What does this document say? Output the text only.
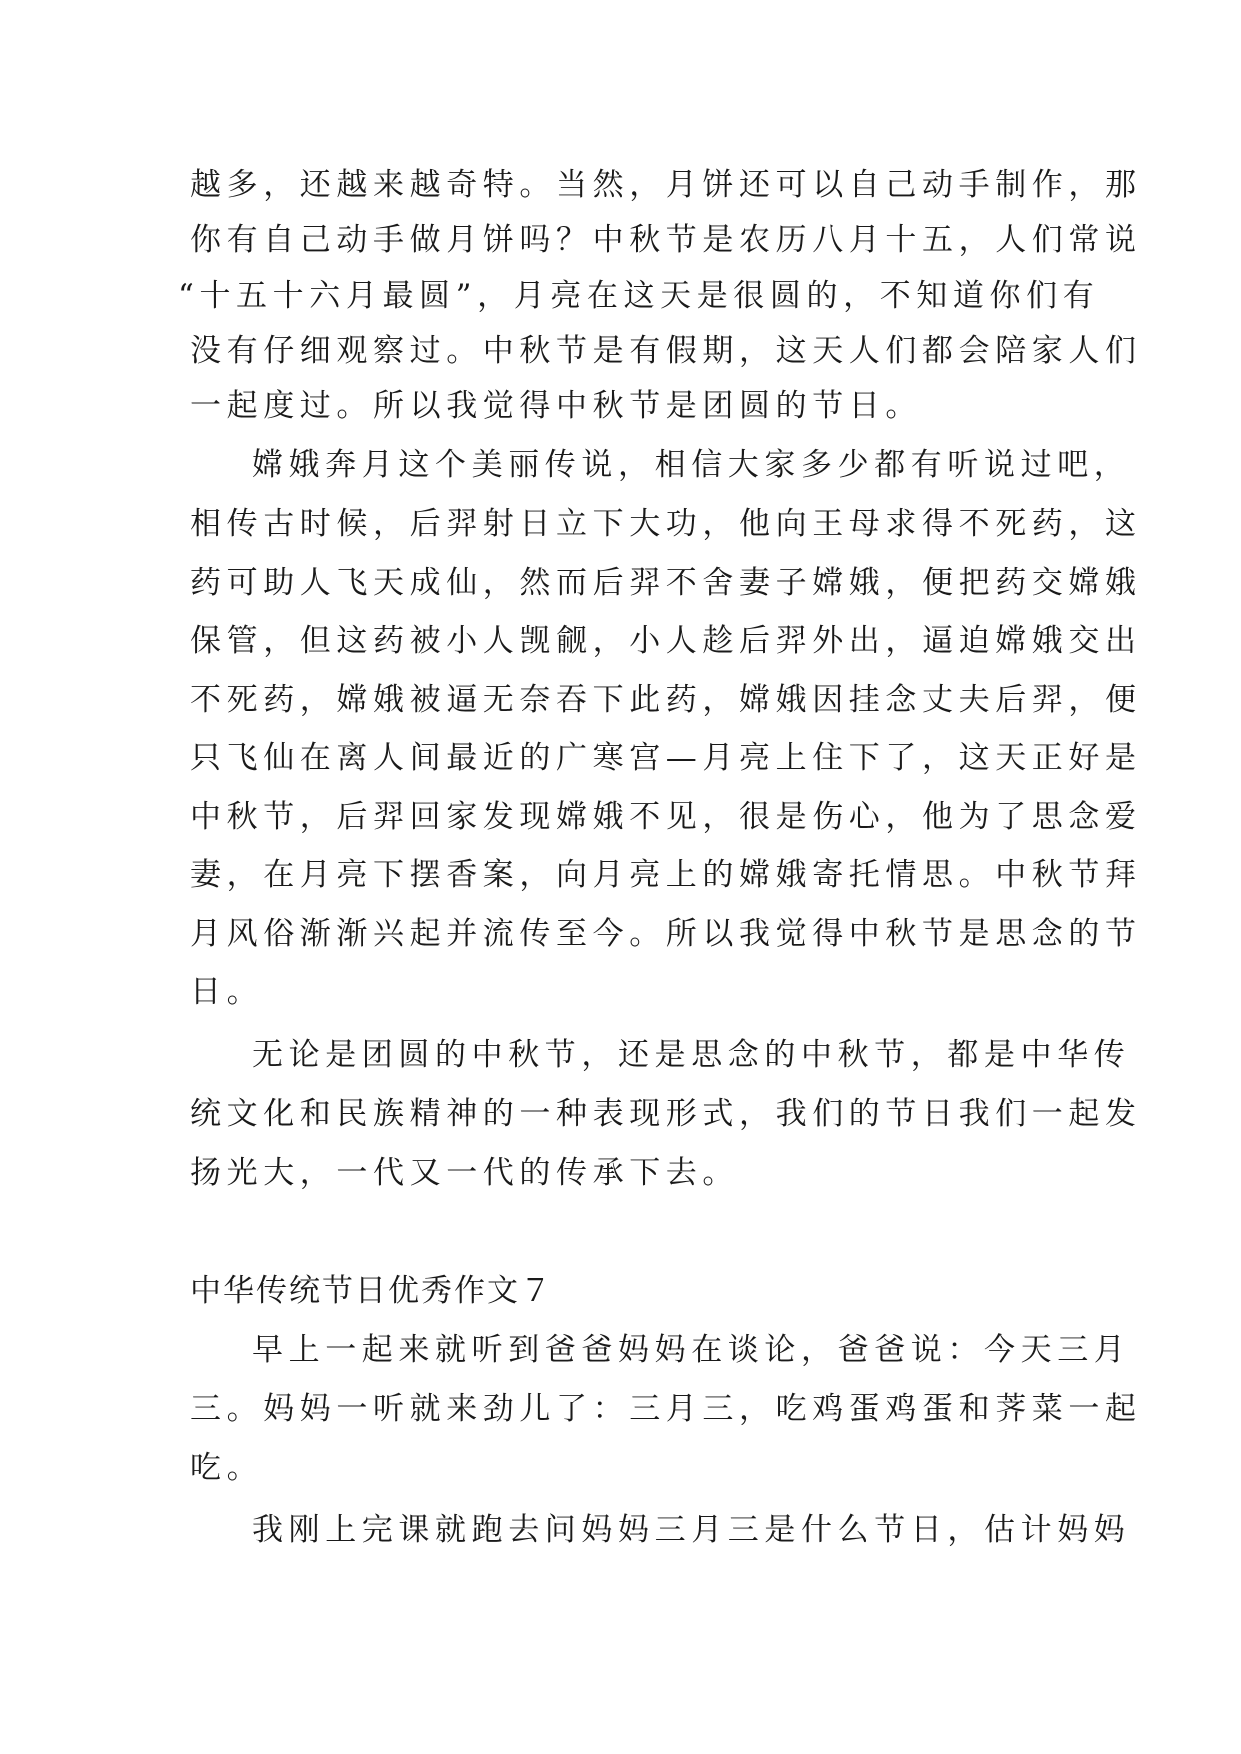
越多，还越来越奇特。当然，月饼还可以自己动手制作，那
你有自己动手做月饼吗？中秋节是农历八月十五，人们常说
“十五十六月最圆”，月亮在这天是很圆的，不知道你们有
没有仔细观察过。中秋节是有假期，这天人们都会陪家人们
一起度过。所以我觉得中秋节是团圆的节日。
嫦娥奔月这个美丽传说，相信大家多少都有听说过吧，
相传古时候，后羿射日立下大功，他向王母求得不死药，这
药可助人飞天成仙，然而后羿不舍妻子嫦娥，便把药交嫦娥
保管，但这药被小人觊觎，小人趁后羿外出，逼迫嫦娥交出
不死药，嫦娥被逼无奈吞下此药，嫦娥因挂念丈夫后羿，便
只飞仙在离人间最近的广寒宫—月亮上住下了，这天正好是
中秋节，后羿回家发现嫦娥不见，很是伤心，他为了思念爱
妻，在月亮下摆香案，向月亮上的嫦娥寄托情思。中秋节拜
月风俗渐渐兴起并流传至今。所以我觉得中秋节是思念的节
日。
无论是团圆的中秋节，还是思念的中秋节，都是中华传
统文化和民族精神的一种表现形式，我们的节日我们一起发
扬光大，一代又一代的传承下去。
中华传统节日优秀作文７
早上一起来就听到爸爸妈妈在谈论，爸爸说：今天三月
三。妈妈一听就来劲儿了：三月三，吃鸡蛋鸡蛋和荠菜一起
吃。
我刚上完课就跑去问妈妈三月三是什么节日，估计妈妈
